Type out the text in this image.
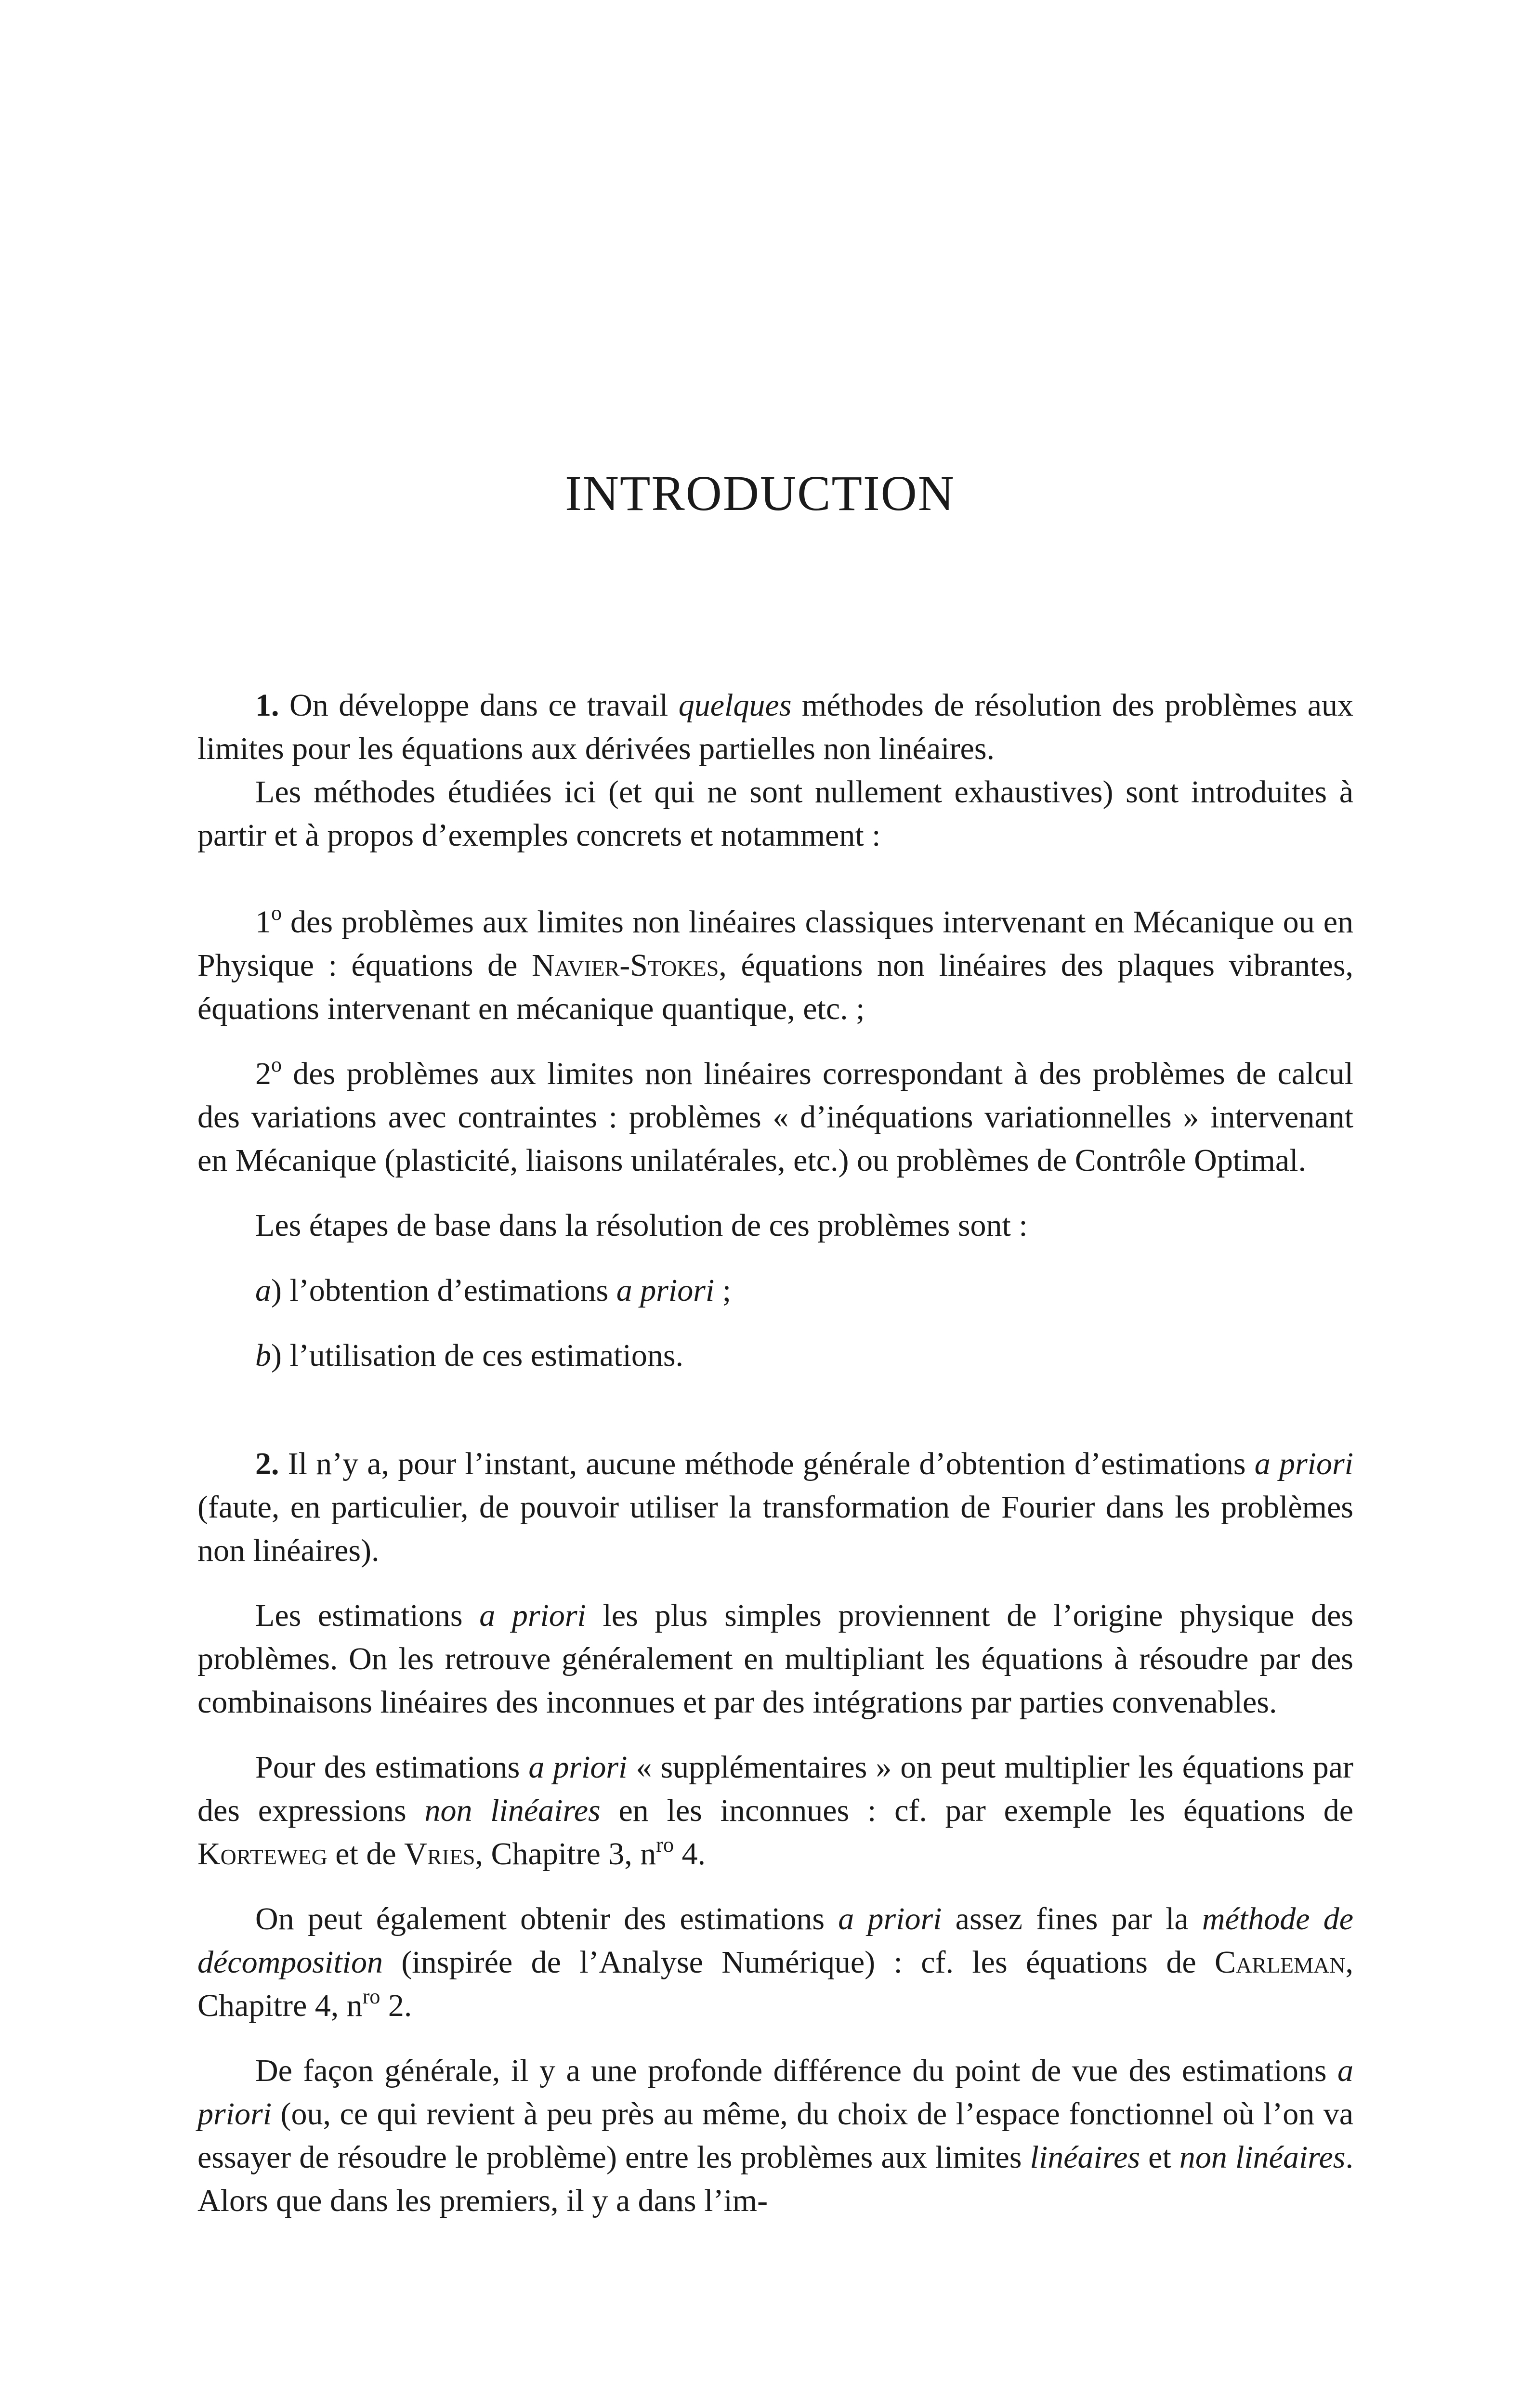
INTRODUCTION

1. On développe dans ce travail quelques méthodes de résolution des problèmes aux limites pour les équations aux dérivées partielles non linéaires.

Les méthodes étudiées ici (et qui ne sont nullement exhaustives) sont introduites à partir et à propos d’exemples concrets et notamment :

1$^o$ des problèmes aux limites non linéaires classiques intervenant en Mécanique ou en Physique : équations de Navier-Stokes, équations non linéaires des plaques vibrantes, équations intervenant en mécanique quantique, etc. ;

2$^o$ des problèmes aux limites non linéaires correspondant à des problèmes de calcul des variations avec contraintes : problèmes « d’inéquations variationnelles » intervenant en Mécanique (plasticité, liaisons unilatérales, etc.) ou problèmes de Contrôle Optimal.

Les étapes de base dans la résolution de ces problèmes sont :

a) l’obtention d’estimations a priori ;

b) l’utilisation de ces estimations.

2. Il n’y a, pour l’instant, aucune méthode générale d’obtention d’estimations a priori (faute, en particulier, de pouvoir utiliser la transformation de Fourier dans les problèmes non linéaires).

Les estimations a priori les plus simples proviennent de l’origine physique des problèmes. On les retrouve généralement en multipliant les équations à résoudre par des combinaisons linéaires des inconnues et par des intégrations par parties convenables.

Pour des estimations a priori « supplémentaires » on peut multiplier les équations par des expressions non linéaires en les inconnues : cf. par exemple les équations de Korteweg et de Vries, Chapitre 3, $n^{ro}$ 4.

On peut également obtenir des estimations a priori assez fines par la méthode de décomposition (inspirée de l’Analyse Numérique) : cf. les équations de Carleman, Chapitre 4, $n^{ro}$ 2.

De façon générale, il y a une profonde différence du point de vue des estimations a priori (ou, ce qui revient à peu près au même, du choix de l’espace fonctionnel où l’on va essayer de résoudre le problème) entre les problèmes aux limites linéaires et non linéaires. Alors que dans les premiers, il y a dans l’im-
